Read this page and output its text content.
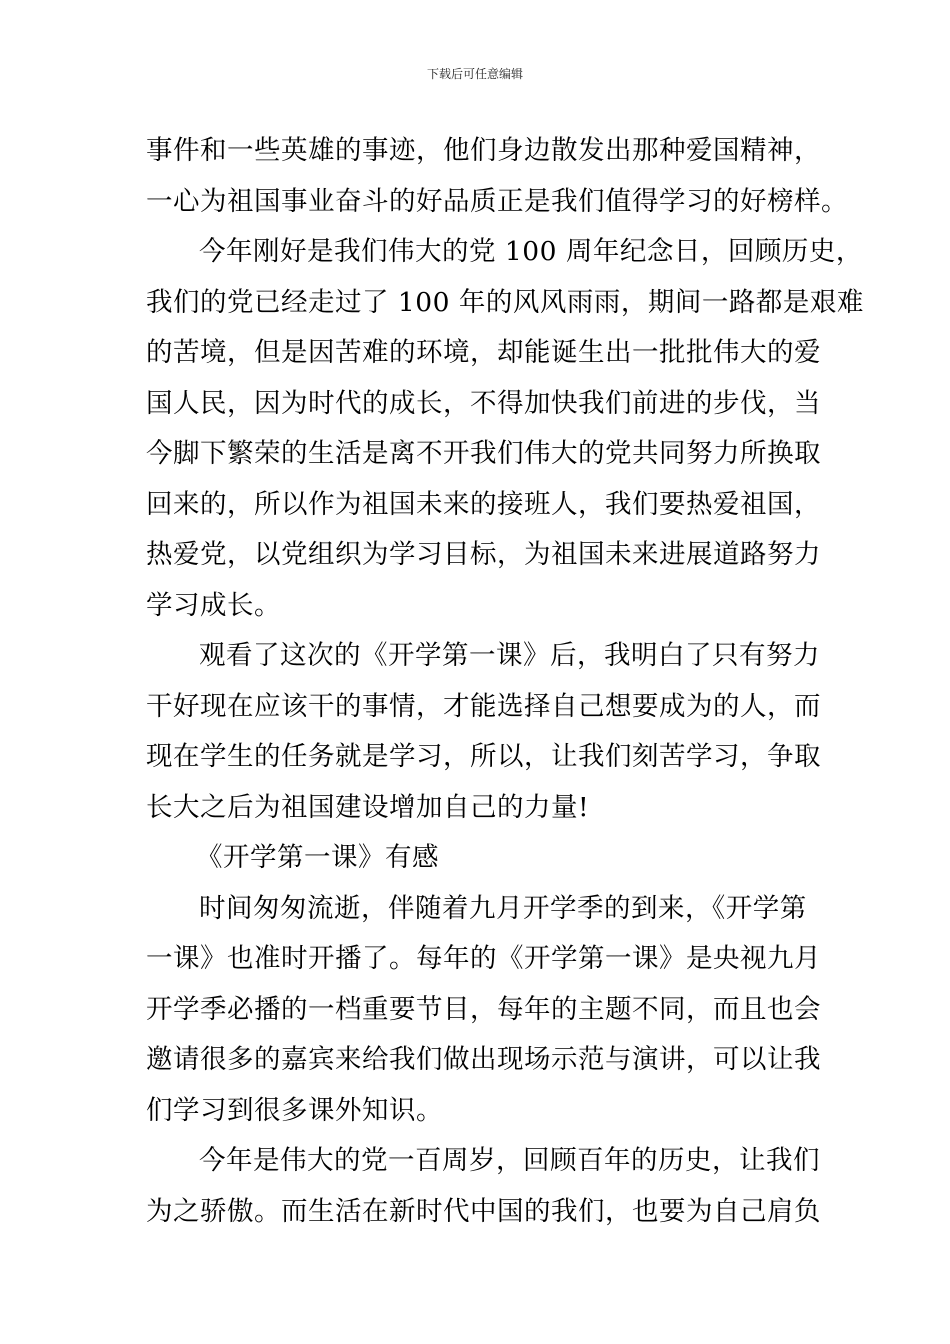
下载后可任意编辑
事件和一些英雄的事迹，他们身边散发出那种爱国精神，
一心为祖国事业奋斗的好品质正是我们值得学习的好榜样。
今年刚好是我们伟大的党 100 周年纪念日，回顾历史，
我们的党已经走过了 100 年的风风雨雨，期间一路都是艰难
的苦境，但是因苦难的环境，却能诞生出一批批伟大的爱
国人民，因为时代的成长，不得加快我们前进的步伐，当
今脚下繁荣的生活是离不开我们伟大的党共同努力所换取
回来的，所以作为祖国未来的接班人，我们要热爱祖国，
热爱党，以党组织为学习目标，为祖国未来进展道路努力
学习成长。
观看了这次的《开学第一课》后，我明白了只有努力
干好现在应该干的事情，才能选择自己想要成为的人，而
现在学生的任务就是学习，所以，让我们刻苦学习，争取
长大之后为祖国建设增加自己的力量!
《开学第一课》有感
时间匆匆流逝，伴随着九月开学季的到来，《开学第
一课》也准时开播了。每年的《开学第一课》是央视九月
开学季必播的一档重要节目，每年的主题不同，而且也会
邀请很多的嘉宾来给我们做出现场示范与演讲，可以让我
们学习到很多课外知识。
今年是伟大的党一百周岁，回顾百年的历史，让我们
为之骄傲。而生活在新时代中国的我们，也要为自己肩负
